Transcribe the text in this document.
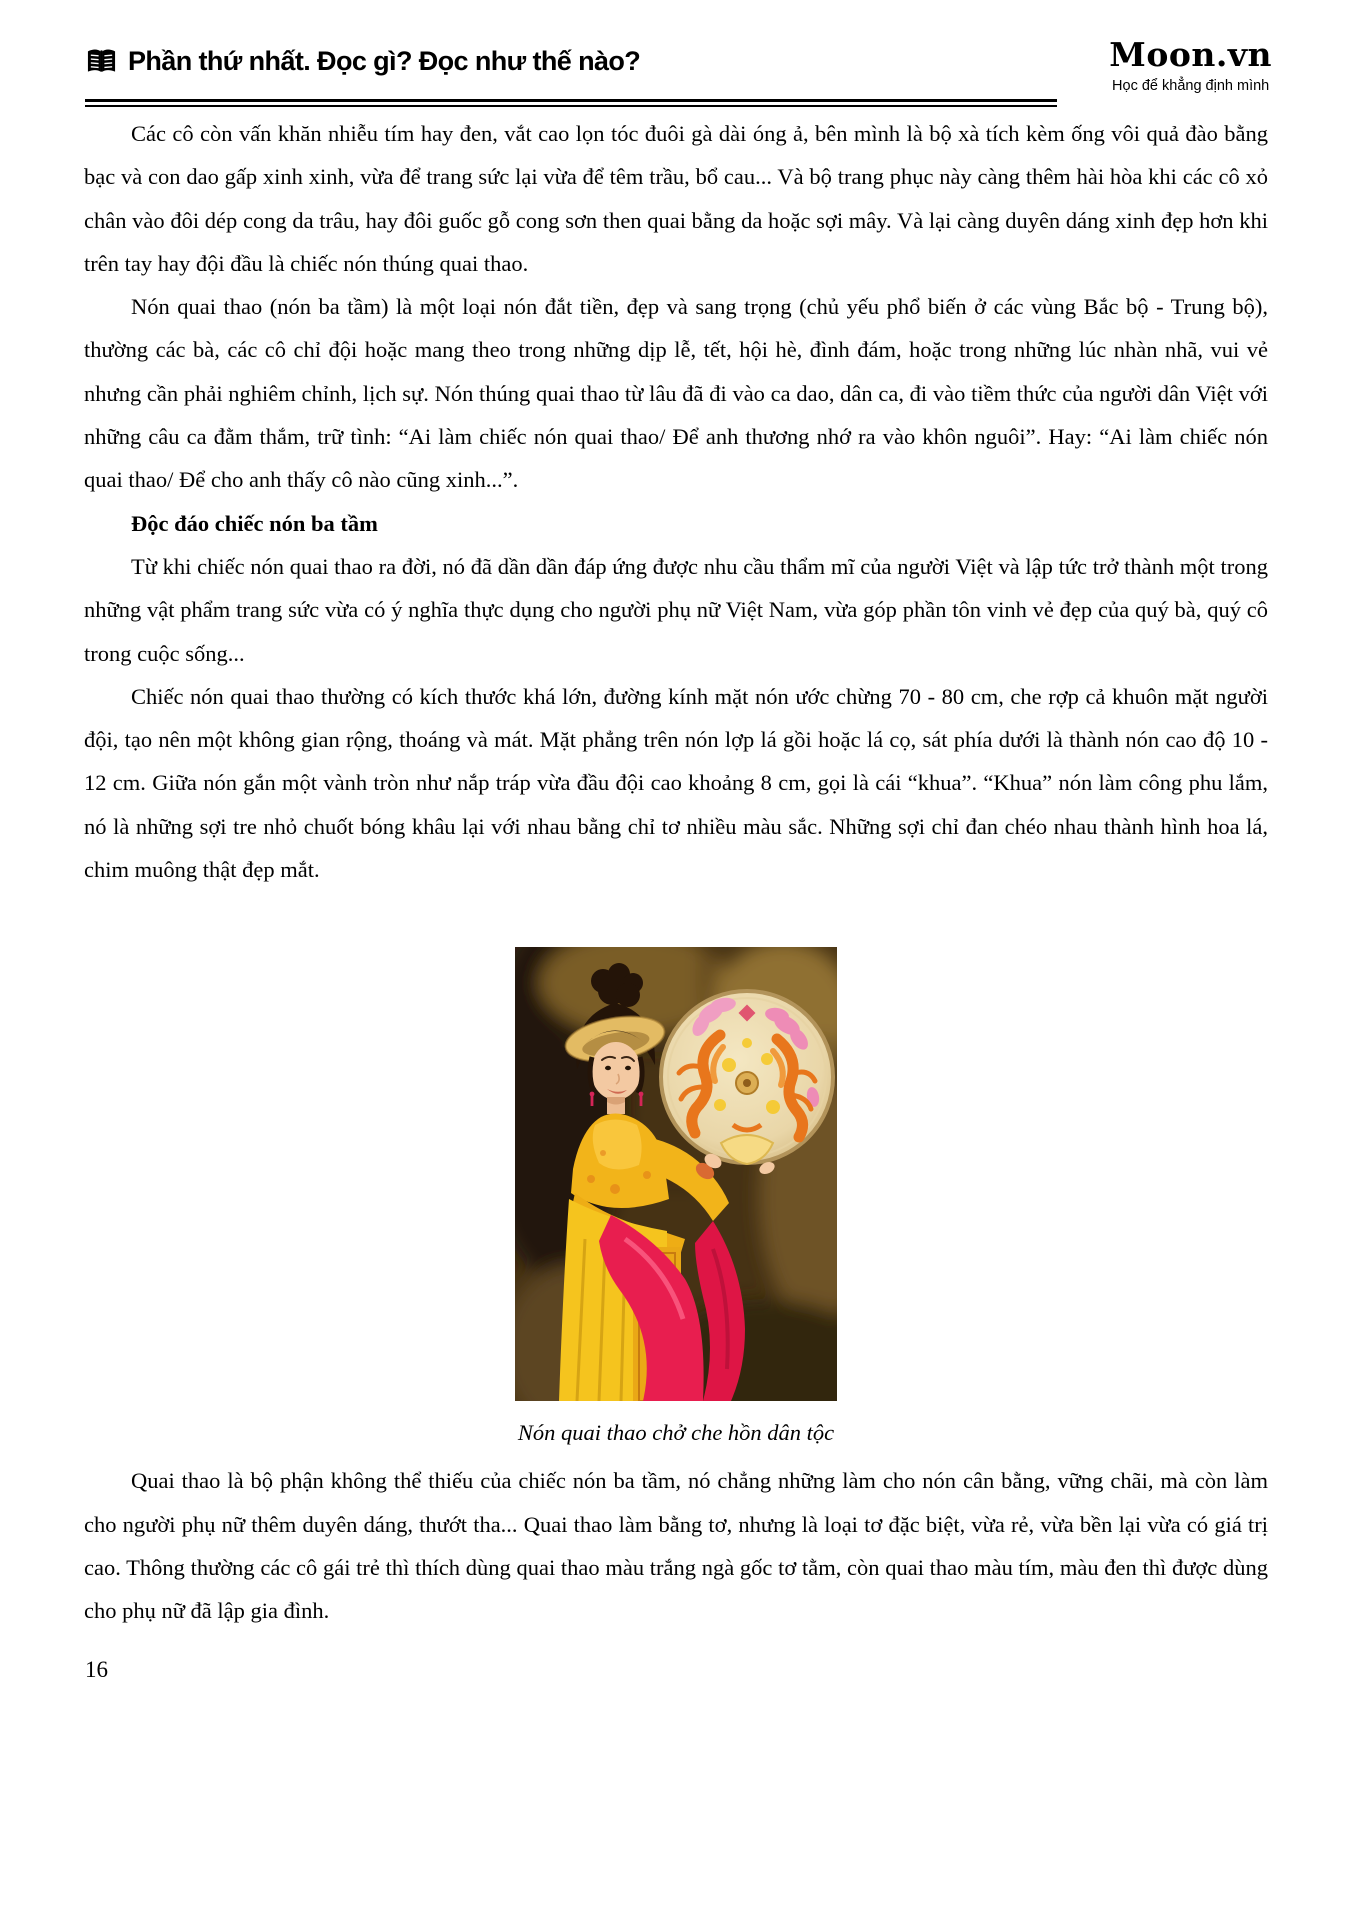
Phần thứ nhất. Đọc gì? Đọc như thế nào?	Moon.vn
Học để khẳng định mình

Các cô còn vấn khăn nhiễu tím hay đen, vắt cao lọn tóc đuôi gà dài óng ả, bên mình là bộ xà tích kèm ống vôi quả đào bằng bạc và con dao gấp xinh xinh, vừa để trang sức lại vừa để têm trầu, bổ cau... Và bộ trang phục này càng thêm hài hòa khi các cô xỏ chân vào đôi dép cong da trâu, hay đôi guốc gỗ cong sơn then quai bằng da hoặc sợi mây. Và lại càng duyên dáng xinh đẹp hơn khi trên tay hay đội đầu là chiếc nón thúng quai thao.

Nón quai thao (nón ba tầm) là một loại nón đắt tiền, đẹp và sang trọng (chủ yếu phổ biến ở các vùng Bắc bộ - Trung bộ), thường các bà, các cô chỉ đội hoặc mang theo trong những dịp lễ, tết, hội hè, đình đám, hoặc trong những lúc nhàn nhã, vui vẻ nhưng cần phải nghiêm chỉnh, lịch sự. Nón thúng quai thao từ lâu đã đi vào ca dao, dân ca, đi vào tiềm thức của người dân Việt với những câu ca đằm thắm, trữ tình: “Ai làm chiếc nón quai thao/ Để anh thương nhớ ra vào khôn nguôi”. Hay: “Ai làm chiếc nón quai thao/ Để cho anh thấy cô nào cũng xinh...”.

Độc đáo chiếc nón ba tầm

Từ khi chiếc nón quai thao ra đời, nó đã dần dần đáp ứng được nhu cầu thẩm mĩ của người Việt và lập tức trở thành một trong những vật phẩm trang sức vừa có ý nghĩa thực dụng cho người phụ nữ Việt Nam, vừa góp phần tôn vinh vẻ đẹp của quý bà, quý cô trong cuộc sống...

Chiếc nón quai thao thường có kích thước khá lớn, đường kính mặt nón ước chừng 70 - 80 cm, che rợp cả khuôn mặt người đội, tạo nên một không gian rộng, thoáng và mát. Mặt phẳng trên nón lợp lá gồi hoặc lá cọ, sát phía dưới là thành nón cao độ 10 - 12 cm. Giữa nón gắn một vành tròn như nắp tráp vừa đầu đội cao khoảng 8 cm, gọi là cái “khua”. “Khua” nón làm công phu lắm, nó là những sợi tre nhỏ chuốt bóng khâu lại với nhau bằng chỉ tơ nhiều màu sắc. Những sợi chỉ đan chéo nhau thành hình hoa lá, chim muông thật đẹp mắt.

Nón quai thao chở che hồn dân tộc

Quai thao là bộ phận không thể thiếu của chiếc nón ba tầm, nó chẳng những làm cho nón cân bằng, vững chãi, mà còn làm cho người phụ nữ thêm duyên dáng, thướt tha... Quai thao làm bằng tơ, nhưng là loại tơ đặc biệt, vừa rẻ, vừa bền lại vừa có giá trị cao. Thông thường các cô gái trẻ thì thích dùng quai thao màu trắng ngà gốc tơ tằm, còn quai thao màu tím, màu đen thì được dùng cho phụ nữ đã lập gia đình.

16
